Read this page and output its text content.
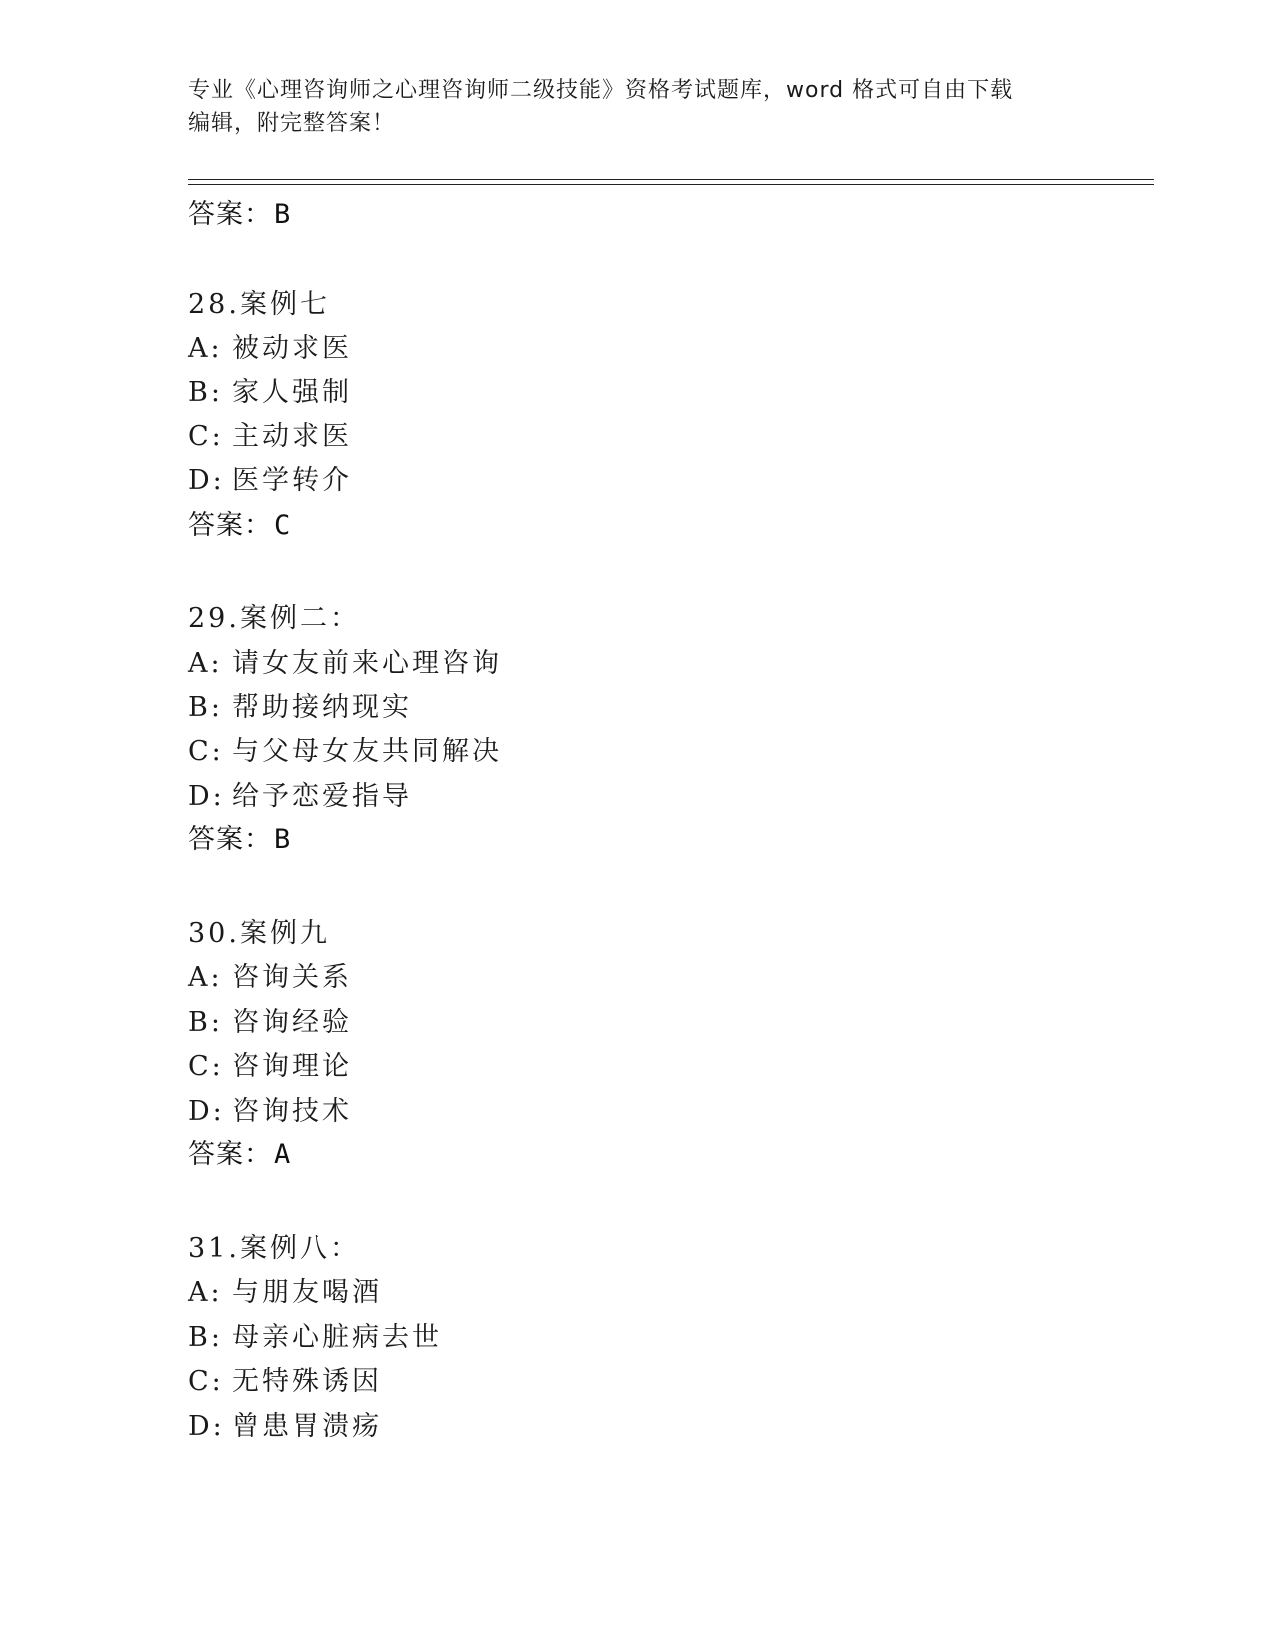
专业《心理咨询师之心理咨询师二级技能》资格考试题库，word 格式可自由下载
编辑，附完整答案！
答案：B
28.案例七
A: 被动求医
B: 家人强制
C: 主动求医
D: 医学转介
答案：C
29.案例二：
A: 请女友前来心理咨询
B: 帮助接纳现实
C: 与父母女友共同解决
D: 给予恋爱指导
答案：B
30.案例九
A: 咨询关系
B: 咨询经验
C: 咨询理论
D: 咨询技术
答案：A
31.案例八：
A: 与朋友喝酒
B: 母亲心脏病去世
C: 无特殊诱因
D: 曾患胃溃疡
